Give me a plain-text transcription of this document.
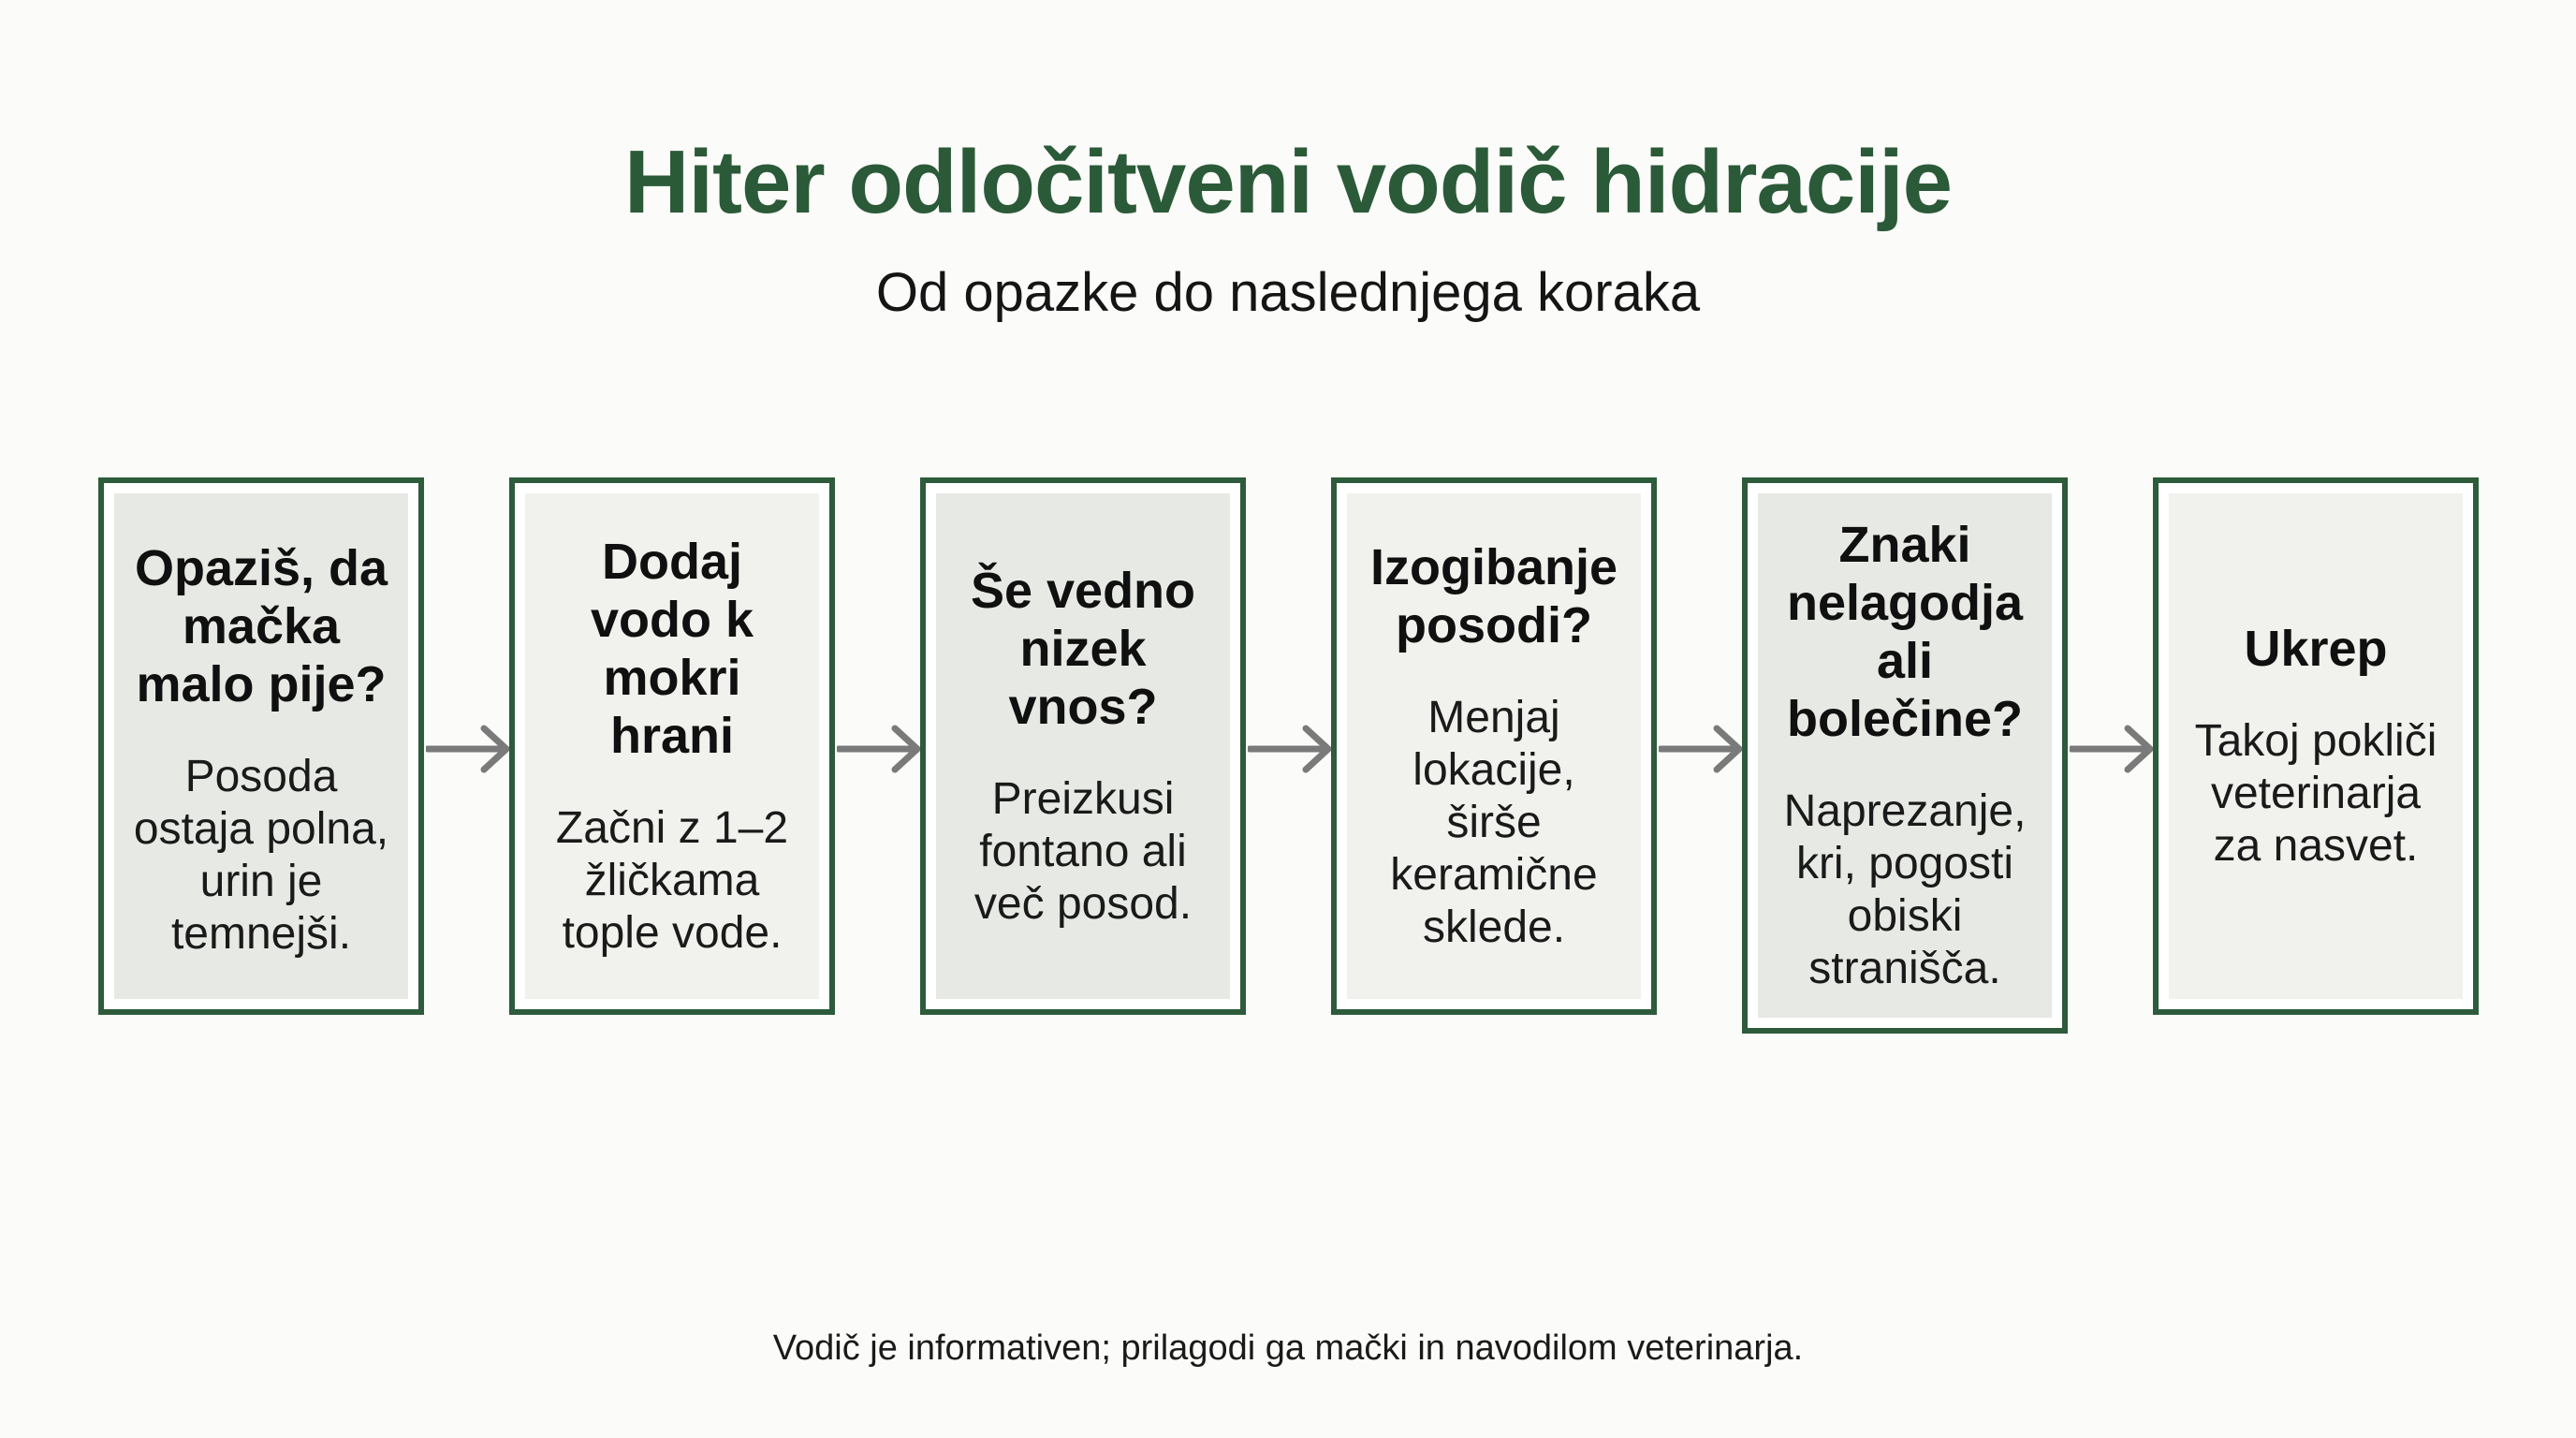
Hiter odločitveni vodič hidracije
Od opazke do naslednjega koraka
Opaziš, da mačka malo pije?
Posoda ostaja polna, urin je temnejši.
Dodaj vodo k mokri hrani
Začni z 1–2 žličkama tople vode.
Še vedno nizek vnos?
Preizkusi fontano ali več posod.
Izogibanje posodi?
Menjaj lokacije, širše keramične sklede.
Znaki nelagodja ali bolečine?
Naprezanje, kri, pogosti obiski stranišča.
Ukrep
Takoj pokliči veterinarja za nasvet.
Vodič je informativen; prilagodi ga mački in navodilom veterinarja.
